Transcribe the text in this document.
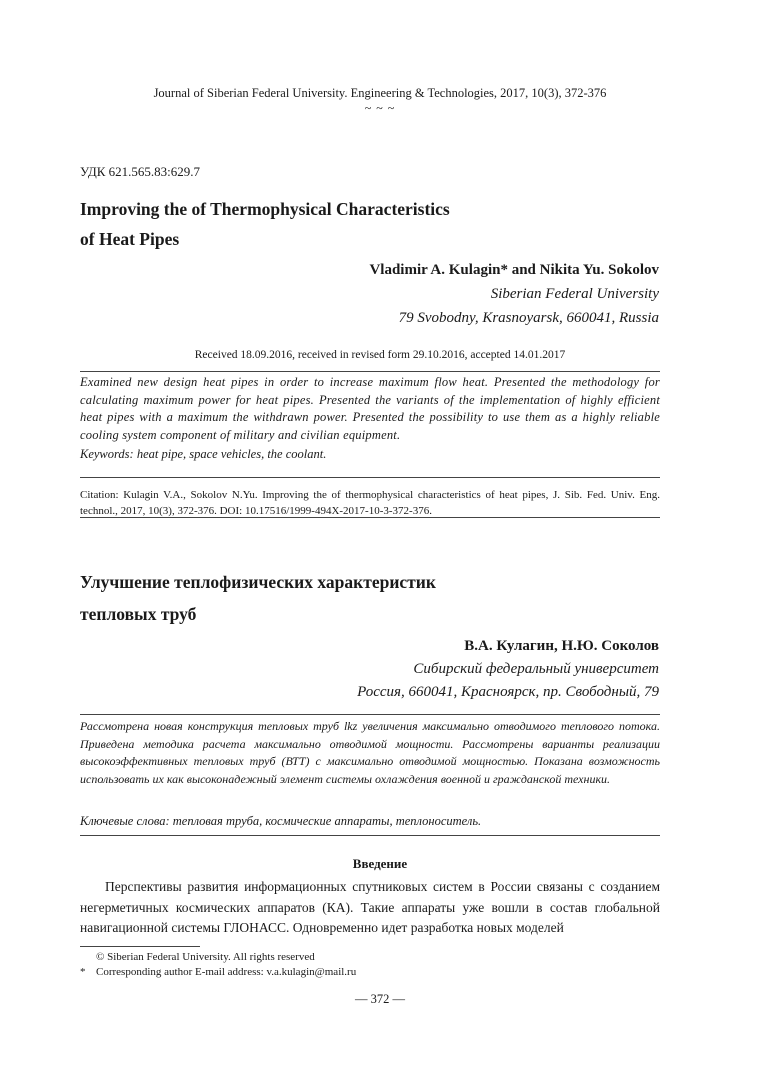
Journal of Siberian Federal University. Engineering & Technologies, 2017, 10(3), 372-376
~ ~ ~
УДК 621.565.83:629.7
Improving the of Thermophysical Characteristics
of Heat Pipes
Vladimir A. Kulagin* and Nikita Yu. Sokolov
Siberian Federal University
79 Svobodny, Krasnoyarsk, 660041, Russia
Received 18.09.2016, received in revised form 29.10.2016, accepted 14.01.2017
Examined new design heat pipes in order to increase maximum flow heat. Presented the methodology for calculating maximum power for heat pipes. Presented the variants of the implementation of highly efficient heat pipes with a maximum the withdrawn power. Presented the possibility to use them as a highly reliable cooling system component of military and civilian equipment.
Keywords: heat pipe, space vehicles, the coolant.
Citation: Kulagin V.A., Sokolov N.Yu. Improving the of thermophysical characteristics of heat pipes, J. Sib. Fed. Univ. Eng. technol., 2017, 10(3), 372-376. DOI: 10.17516/1999-494X-2017-10-3-372-376.
Улучшение теплофизических характеристик
тепловых труб
В.А. Кулагин, Н.Ю. Соколов
Сибирский федеральный университет
Россия, 660041, Красноярск, пр. Свободный, 79
Рассмотрена новая конструкция тепловых труб lkz увеличения максимально отводимого теплового потока. Приведена методика расчета максимально отводимой мощности. Рассмотрены варианты реализации высокоэффективных тепловых труб (ВТТ) с максимально отводимой мощностью. Показана возможность использовать их как высоконадежный элемент системы охлаждения военной и гражданской техники.
Ключевые слова: тепловая труба, космические аппараты, теплоноситель.
Введение
Перспективы развития информационных спутниковых систем в России связаны с созданием негерметичных космических аппаратов (КА). Такие аппараты уже вошли в состав глобальной навигационной системы ГЛОНАСС. Одновременно идет разработка новых моделей
© Siberian Federal University. All rights reserved
* Corresponding author E-mail address: v.a.kulagin@mail.ru
— 372 —
